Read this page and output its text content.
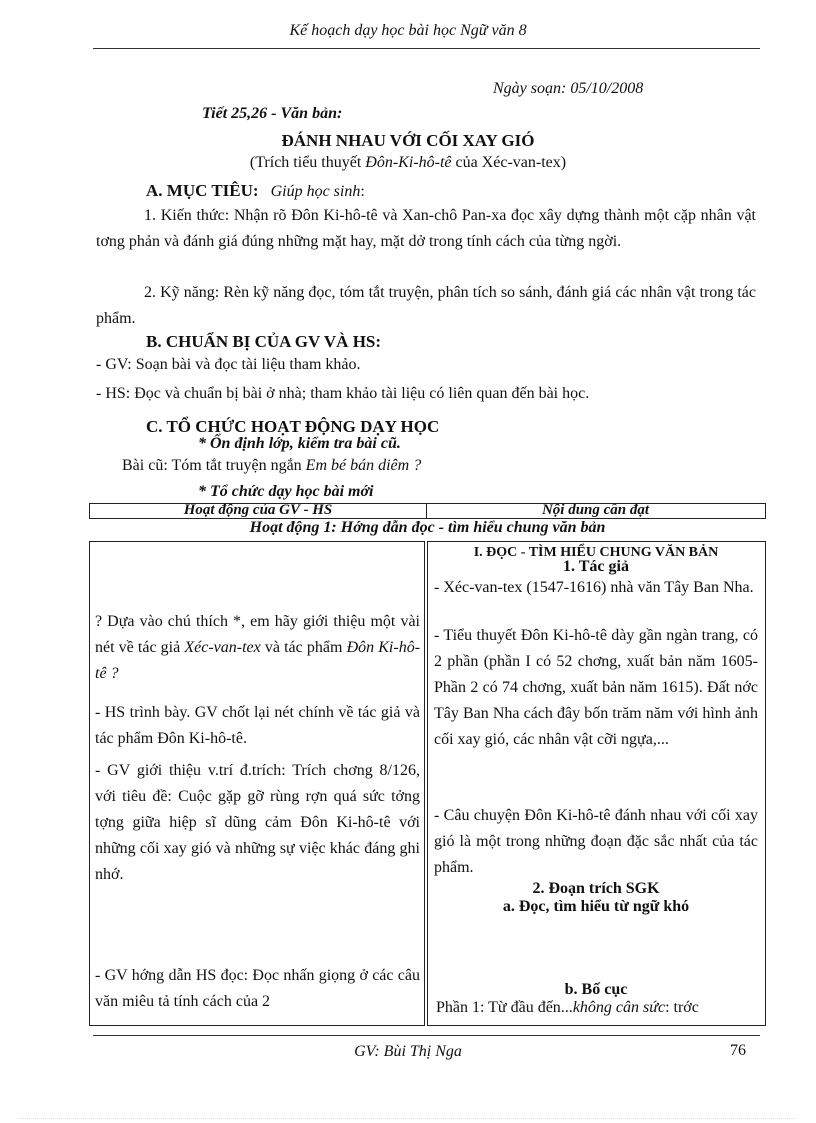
Kế hoạch dạy học bài học Ngữ văn 8
Ngày soạn: 05/10/2008
Tiết 25,26 - Văn bản:
ĐÁNH NHAU VỚI CỐI XAY GIÓ
(Trích tiểu thuyết Đôn-Ki-hô-tê của Xéc-van-tex)
A. MỤC TIÊU: Giúp học sinh:
1. Kiến thức: Nhận rõ Đôn Ki-hô-tê và Xan-chô Pan-xa đọc xây dựng thành một cặp nhân vật tơng phản và đánh giá đúng những mặt hay, mặt dở trong tính cách của từng ngời.
2. Kỹ năng: Rèn kỹ năng đọc, tóm tắt truyện, phân tích so sánh, đánh giá các nhân vật trong tác phẩm.
B. CHUẨN BỊ CỦA GV VÀ HS:
- GV: Soạn bài và đọc tài liệu tham khảo.
- HS: Đọc và chuẩn bị bài ở nhà; tham khảo tài liệu có liên quan đến bài học.
C. TỔ CHỨC HOẠT ĐỘNG DẠY HỌC
* Ổn định lớp, kiểm tra bài cũ.
Bài cũ: Tóm tắt truyện ngắn Em bé bán diêm ?
* Tổ chức dạy học bài mới
Hoạt động của GV - HS	Nội dung cần đạt
Hoạt động 1: Hớng dẫn đọc - tìm hiểu chung văn bản
? Dựa vào chú thích *, em hãy giới thiệu một vài nét về tác giả Xéc-van-tex và tác phẩm Đôn Ki-hô-tê ?
- HS trình bày. GV chốt lại nét chính về tác giả và tác phẩm Đôn Ki-hô-tê.
- GV giới thiệu v.trí đ.trích: Trích chơng 8/126, với tiêu đề: Cuộc gặp gỡ rùng rợn quá sức tởng tợng giữa hiệp sĩ dũng cảm Đôn Ki-hô-tê với những cối xay gió và những sự việc khác đáng ghi nhớ.
- GV hớng dẫn HS đọc: Đọc nhấn giọng ở các câu văn miêu tả tính cách của 2
I. ĐỌC - TÌM HIỂU CHUNG VĂN BẢN
1. Tác giả
- Xéc-van-tex (1547-1616) nhà văn Tây Ban Nha.
- Tiểu thuyết Đôn Ki-hô-tê dày gần ngàn trang, có 2 phần (phần I có 52 chơng, xuất bản năm 1605- Phần 2 có 74 chơng, xuất bản năm 1615). Đất nớc Tây Ban Nha cách đây bốn trăm năm với hình ảnh cối xay gió, các nhân vật cỡi ngựa,...
- Câu chuyện Đôn Ki-hô-tê đánh nhau với cối xay gió là một trong những đoạn đặc sắc nhất của tác phẩm.
2. Đoạn trích SGK
a. Đọc, tìm hiểu từ ngữ khó
b. Bố cục
Phần 1: Từ đầu đến...không cân sức: trớc
GV: Bùi Thị Nga	76
